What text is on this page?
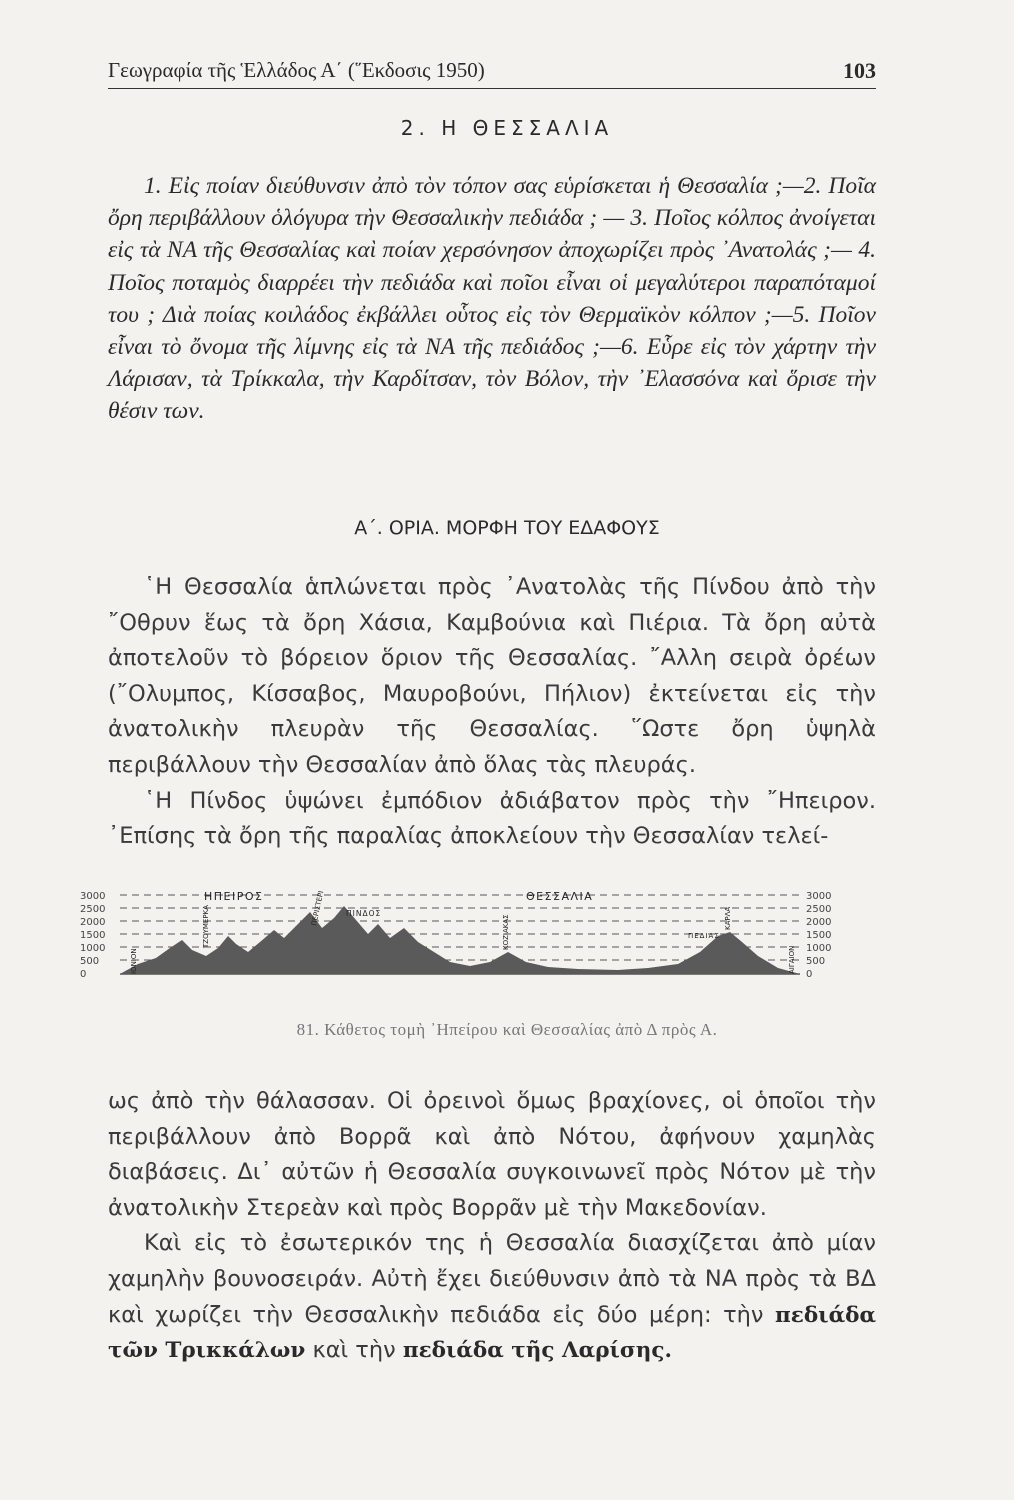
Γεωγραφία τῆς Ἑλλάδος Α΄ (῞Εκδοσις 1950)	103
2. Η ΘΕΣΣΑΛΙΑ
1. Εἰς ποίαν διεύθυνσιν ἀπὸ τὸν τόπον σας εὑρίσκεται ἡ Θεσσαλία ;—2. Ποῖα ὄρη περιβάλλουν ὁλόγυρα τὴν Θεσσαλικὴν πεδιάδα ; — 3. Ποῖος κόλπος ἀνοίγεται εἰς τὰ ΝΑ τῆς Θεσσαλίας καὶ ποίαν χερσόνησον ἀποχωρίζει πρὸς ᾿Ανατολάς ;— 4. Ποῖος ποταμὸς διαρρέει τὴν πεδιάδα καὶ ποῖοι εἶναι οἱ μεγαλύτεροι παραπόταμοί του ; Διὰ ποίας κοιλάδος ἐκβάλλει οὗτος εἰς τὸν Θερμαϊκὸν κόλπον ;—5. Ποῖον εἶναι τὸ ὄνομα τῆς λίμνης εἰς τὰ ΝΑ τῆς πεδιάδος ;—6. Εὗρε εἰς τὸν χάρτην τὴν Λάρισαν, τὰ Τρίκκαλα, τὴν Καρδίτσαν, τὸν Βόλον, τὴν ᾿Ελασσόνα καὶ ὅρισε τὴν θέσιν των.
Α΄. ΟΡΙΑ. ΜΟΡΦΗ ΤΟΥ ΕΔΑΦΟΥΣ
῾Η Θεσσαλία ἁπλώνεται πρὸς ᾿Ανατολὰς τῆς Πίνδου ἀπὸ τὴν ῎Οθρυν ἕως τὰ ὄρη Χάσια, Καμβούνια καὶ Πιέρια. Τὰ ὄρη αὐτὰ ἀποτελοῦν τὸ βόρειον ὅριον τῆς Θεσσαλίας. ῎Αλλη σειρὰ ὀρέων (῎Ολυμπος, Κίσσαβος, Μαυροβούνι, Πήλιον) ἐκτείνεται εἰς τὴν ἀνατολικὴν πλευρὰν τῆς Θεσσαλίας. ῞Ωστε ὄρη ὑψηλὰ περιβάλλουν τὴν Θεσσαλίαν ἀπὸ ὅλας τὰς πλευράς.
῾Η Πίνδος ὑψώνει ἐμπόδιον ἀδιάβατον πρὸς τὴν ῎Ηπειρον. ᾿Επίσης τὰ ὄρη τῆς παραλίας ἀποκλείουν τὴν Θεσσαλίαν τελεί-
3000
2500
2000
1500
1000
500
0
3000
2500
2000
1500
1000
500
0
ΗΠΕΙΡΟΣ	ΘΕΣΣΑΛΙΑ
ΠΙΝΔΟΣ
ΠΕΔΙΑΣ
ΙΟΝΙΟΝ
ΤΖΟΥΜΕΡΚΑ	ΠΕΡΙΣΤΕΡΙ
ΚΟΖΙΑΚΑΣ	ΚΑΡΛΑ
ΑΙΓΑΙΟΝ
81. Κάθετος τομὴ ᾿Ηπείρου καὶ Θεσσαλίας ἀπὸ Δ πρὸς Α.
ως ἀπὸ τὴν θάλασσαν. Οἱ ὀρεινοὶ ὅμως βραχίονες, οἱ ὁποῖοι τὴν περιβάλλουν ἀπὸ Βορρᾶ καὶ ἀπὸ Νότου, ἀφήνουν χαμηλὰς διαβάσεις. Δι᾿ αὐτῶν ἡ Θεσσαλία συγκοινωνεῖ πρὸς Νότον μὲ τὴν ἀνατολικὴν Στερεὰν καὶ πρὸς Βορρᾶν μὲ τὴν Μακεδονίαν.
Καὶ εἰς τὸ ἐσωτερικόν της ἡ Θεσσαλία διασχίζεται ἀπὸ μίαν χαμηλὴν βουνοσειράν. Αὐτὴ ἔχει διεύθυνσιν ἀπὸ τὰ ΝΑ πρὸς τὰ ΒΔ καὶ χωρίζει τὴν Θεσσαλικὴν πεδιάδα εἰς δύο μέρη: τὴν πεδιάδα τῶν Τρικκάλων καὶ τὴν πεδιάδα τῆς Λαρίσης.
